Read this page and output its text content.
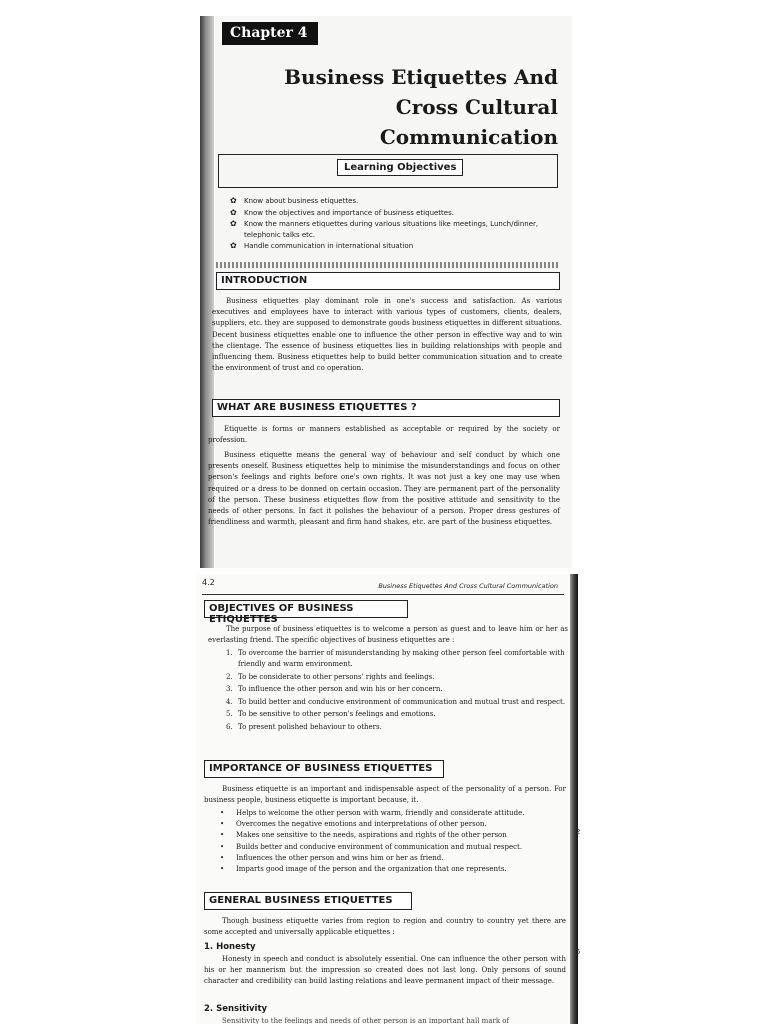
Chapter 4
Business Etiquettes And
Cross Cultural
Communication
Learning Objectives
✿ Know about business etiquettes.
✿ Know the objectives and importance of business etiquettes.
✿ Know the manners etiquettes during various situations like meetings, Lunch/dinner, telephonic talks etc.
✿ Handle communication in international situation
INTRODUCTION

Business etiquettes play dominant role in one's success and satisfaction. As various executives and employees have to interact with various types of customers, clients, dealers, suppliers, etc. they are supposed to demonstrate goods business etiquettes in different situations. Decent business etiquettes enable one to influence the other person in effective way and to win the clientage. The essence of business etiquettes lies in building relationships with people and influencing them. Business etiquettes help to build better communication situation and to create the environment of trust and co operation.

WHAT ARE BUSINESS ETIQUETTES ?

Etiquette is forms or manners established as acceptable or required by the society or profession.

Business etiquette means the general way of behaviour and self conduct by which one presents oneself. Business etiquettes help to minimise the misunderstandings and focus on other person's feelings and rights before one's own rights. It was not just a key one may use when required or a dress to be donned on certain occasion. They are permanent part of the personality of the person. These business etiquettes flow from the positive attitude and sensitivity to the needs of other persons. In fact it polishes the behaviour of a person. Proper dress gestures of friendliness and warmth, pleasant and firm hand shakes, etc. are part of the business etiquettes.

4.2	Business Etiquettes And Cross Cultural Communication
OBJECTIVES OF BUSINESS ETIQUETTES

The purpose of business etiquettes is to welcome a person as guest and to leave him or her as everlasting friend. The specific objectives of business etiquettes are :

1. To overcome the barrier of misunderstanding by making other person feel comfortable with friendly and warm environment.
2. To be considerate to other persons' rights and feelings.
3. To influence the other person and win his or her concern.
4. To build better and conducive environment of communication and mutual trust and respect.
5. To be sensitive to other person's feelings and emotions.
6. To present polished behaviour to others.
IMPORTANCE OF BUSINESS ETIQUETTES

Business etiquette is an important and indispensable aspect of the personality of a person. For business people, business etiquette is important because, it.

• Helps to welcome the other person with warm, friendly and considerate attitude.
• Overcomes the negative emotions and interpretations of other person.
• Makes one sensitive to the needs, aspirations and rights of the other person
• Builds better and conducive environment of communication and mutual respect.
• Influences the other person and wins him or her as friend.
• Imparts good image of the person and the organization that one represents.
GENERAL BUSINESS ETIQUETTES

Though business etiquette varies from region to region and country to country yet there are some accepted and universally applicable etiquettes :

1. Honesty

Honesty in speech and conduct is absolutely essential. One can influence the other person with his or her mannerism but the impression so created does not last long. Only persons of sound character and credibility can build lasting relations and leave permanent impact of their message.

2. Sensitivity

Sensitivity to the feelings and needs of other person is an important hall mark of

2
5
